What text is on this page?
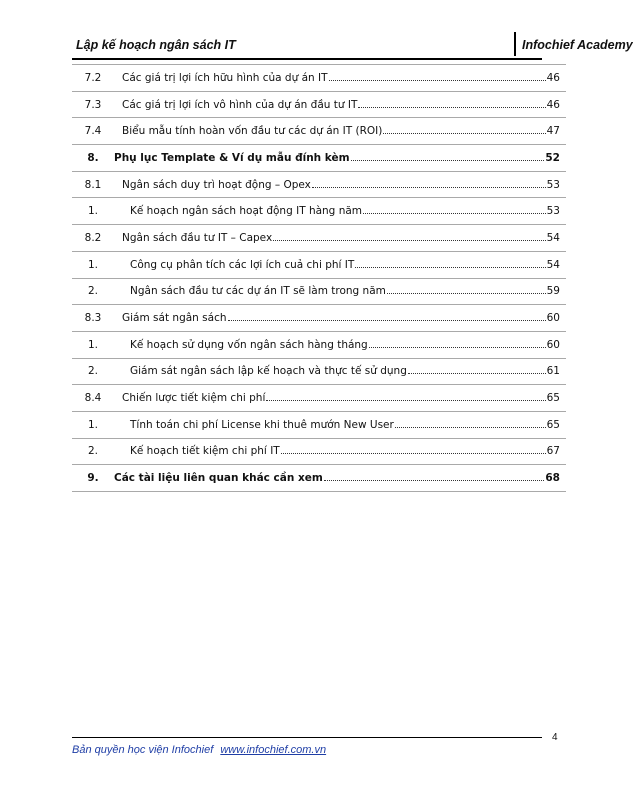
Lập kế hoạch ngân sách IT	Infochief Academy
7.2	Các giá trị lợi ích hữu hình của dự án IT 46

7.3	Các giá trị lợi ích vô hình của dự án đầu tư IT 46

7.4	Biểu mẫu tính hoàn vốn đầu tư các dự án IT (ROI) 47

8.	Phụ lục Template & Ví dụ mẫu đính kèm 52

8.1	Ngân sách duy trì hoạt động – Opex 53

1.	Kế hoạch ngân sách hoạt động IT hàng năm 53

8.2	Ngân sách đầu tư IT – Capex 54

1.	Công cụ phân tích các lợi ích cuả chi phí IT 54

2.	Ngân sách đầu tư các dự án IT sẽ làm trong năm 59

8.3	Giám sát ngân sách 60

1.	Kế hoạch sử dụng vốn ngân sách hàng tháng 60

2.	Giám sát ngân sách lập kế hoạch và thực tế sử dụng 61

8.4	Chiến lược tiết kiệm chi phí 65

1.	Tính toán chi phí License khi thuê mướn New User 65

2.	Kế hoạch tiết kiệm chi phí IT 67

9.	Các tài liệu liên quan khác cần xem 68
4
Bản quyền học viện Infochief www.infochief.com.vn
